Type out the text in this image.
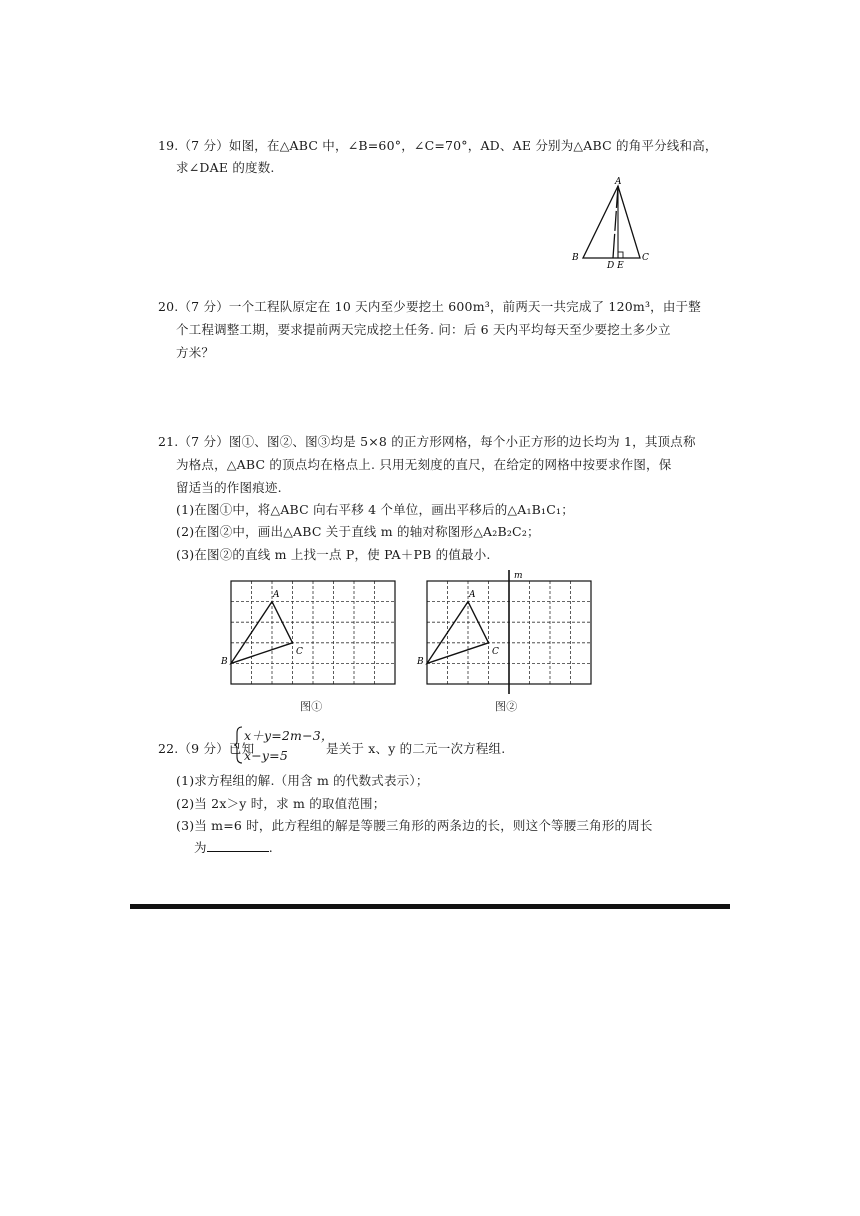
19.（7 分）如图，在△ABC 中，∠B=60°，∠C=70°，AD、AE 分别为△ABC 的角平分线和高，
求∠DAE 的度数.
A
B	C
D E
20.（7 分）一个工程队原定在 10 天内至少要挖土 600m³，前两天一共完成了 120m³，由于整
个工程调整工期，要求提前两天完成挖土任务. 问：后 6 天内平均每天至少要挖土多少立
方米？
21.（7 分）图①、图②、图③均是 5×8 的正方形网格，每个小正方形的边长均为 1，其顶点称
为格点，△ABC 的顶点均在格点上. 只用无刻度的直尺，在给定的网格中按要求作图，保
留适当的作图痕迹.
(1)在图①中，将△ABC 向右平移 4 个单位，画出平移后的△A₁B₁C₁；
(2)在图②中，画出△ABC 关于直线 m 的轴对称图形△A₂B₂C₂；
(3)在图②的直线 m 上找一点 P，使 PA＋PB 的值最小.
A
B
C
图①
m
A
B
C
图②
22.（9 分）已知
x＋y=2m−3，
x−y=5	是关于 x、y 的二元一次方程组.
(1)求方程组的解.（用含 m 的代数式表示）；
(2)当 2x＞y 时，求 m 的取值范围；
(3)当 m=6 时，此方程组的解是等腰三角形的两条边的长，则这个等腰三角形的周长
为	.
